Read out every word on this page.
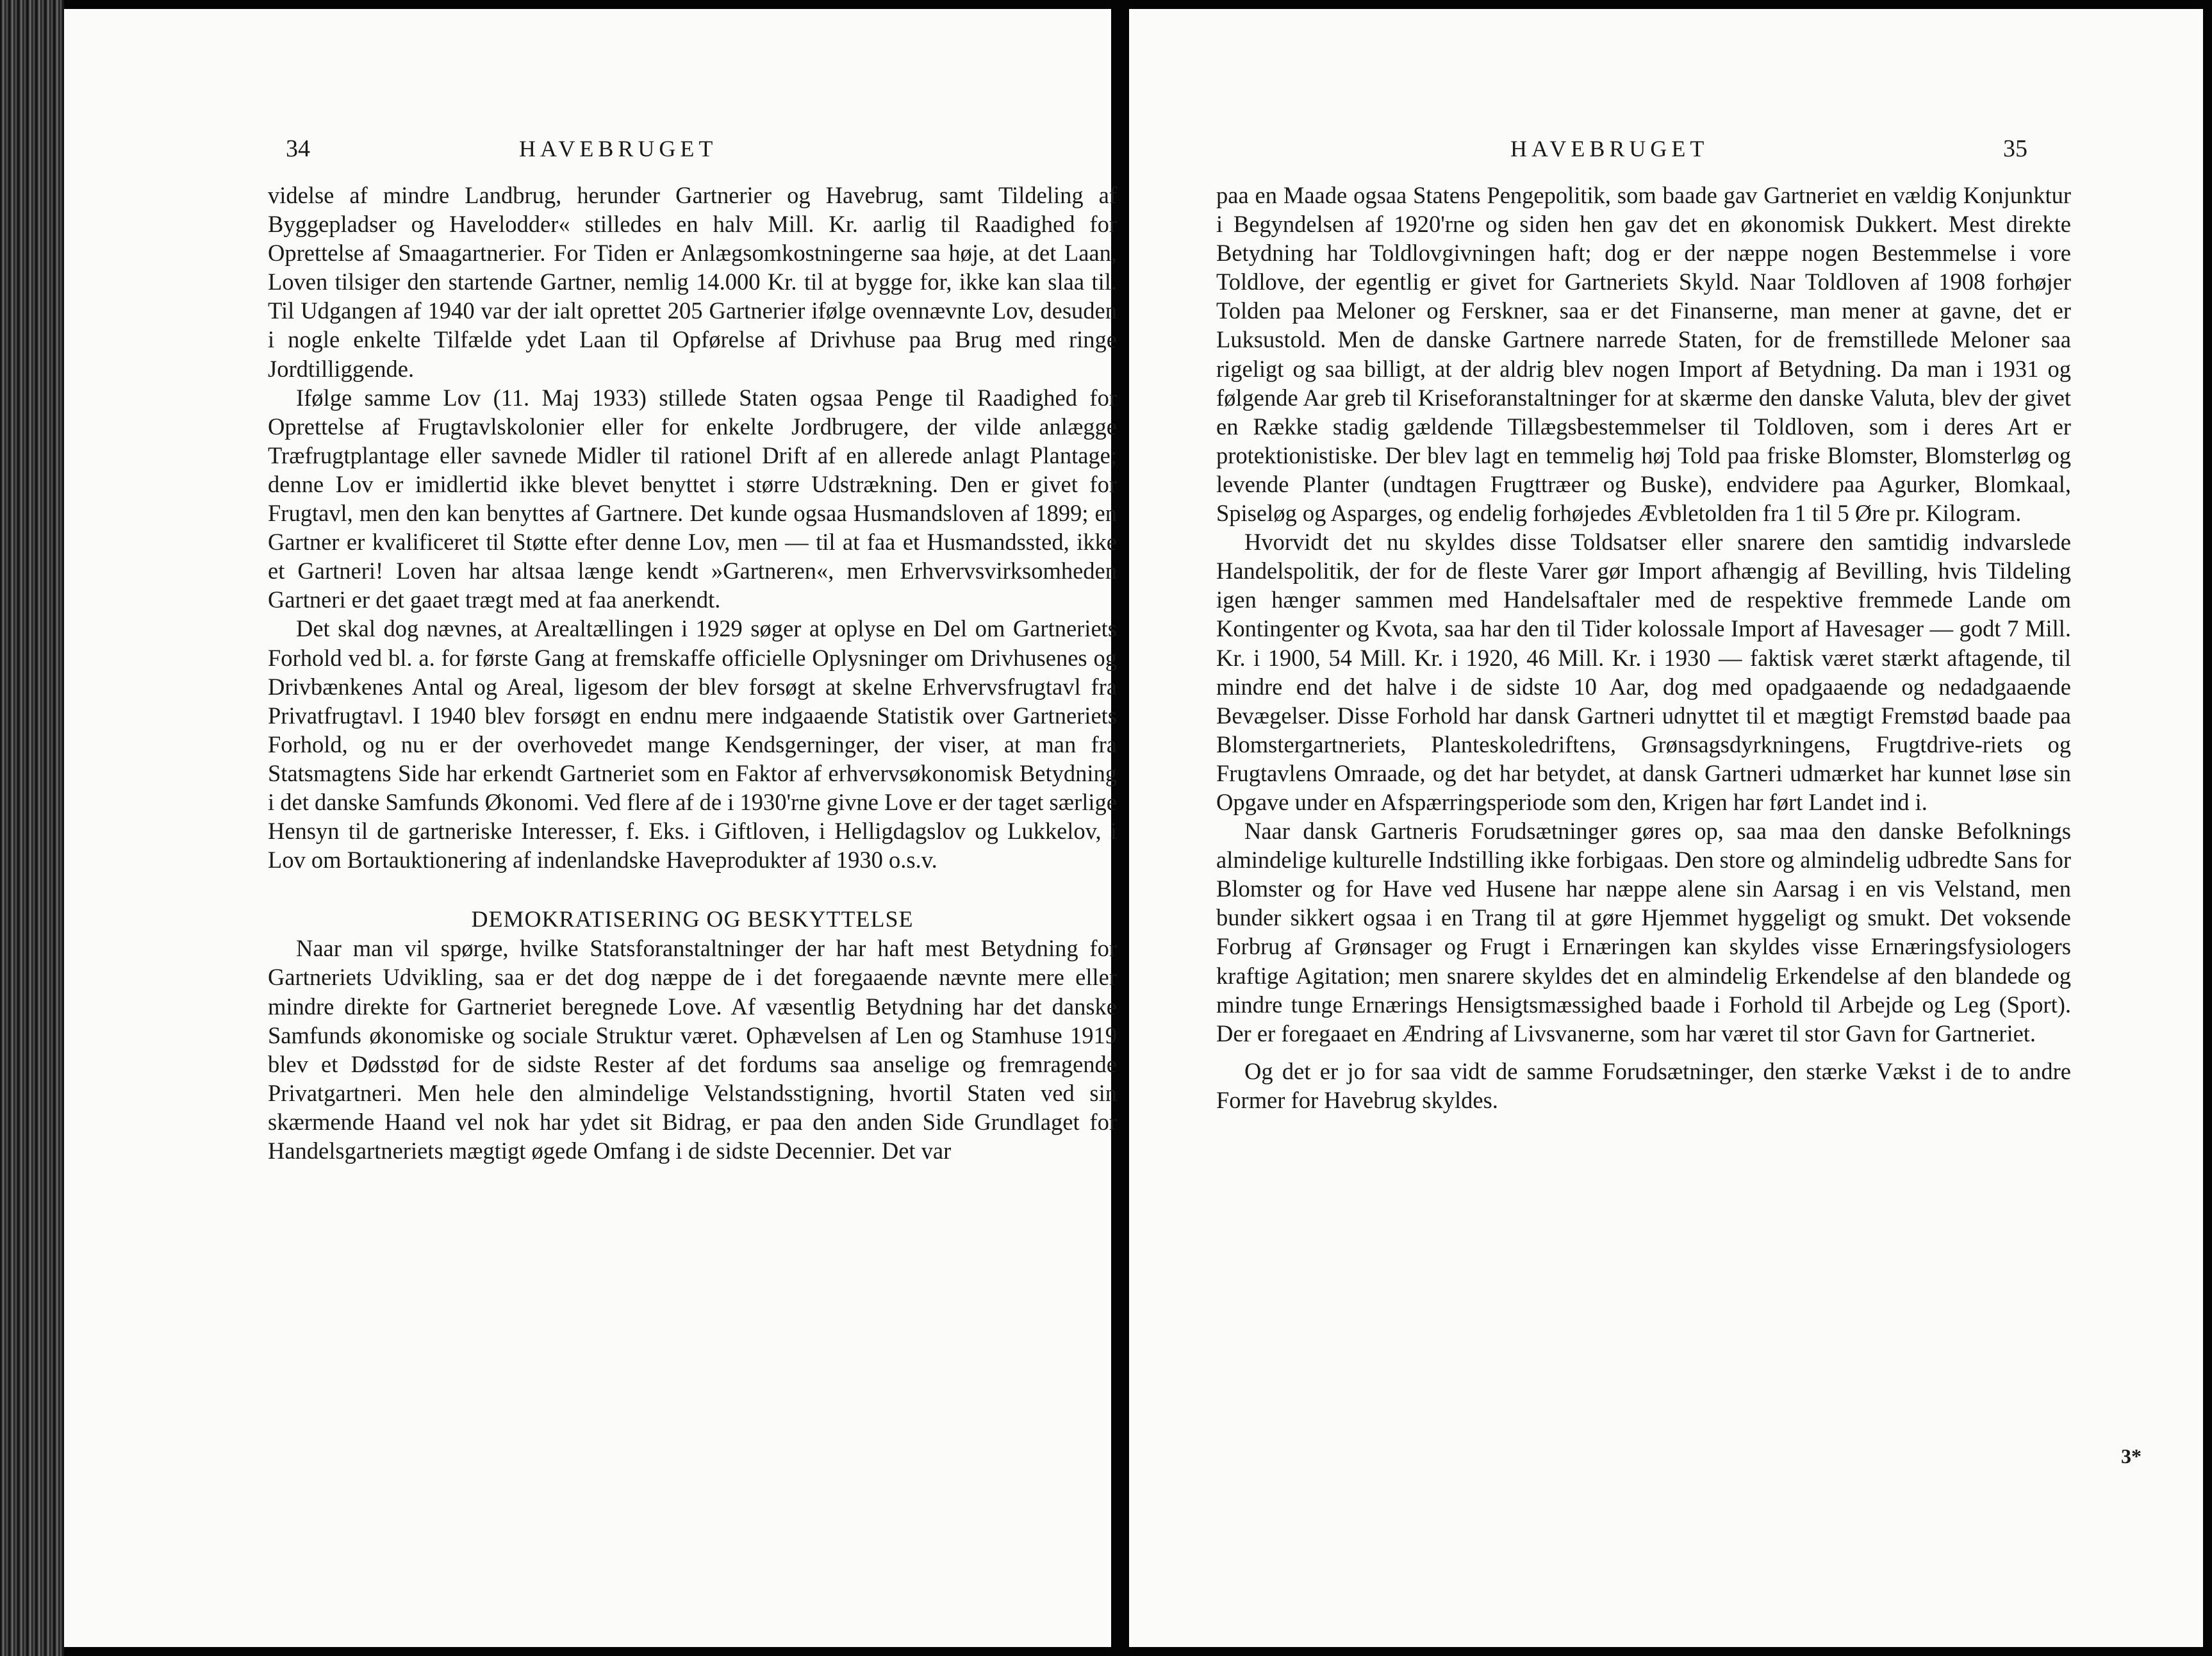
34	HAVEBRUGET

videlse af mindre Landbrug, herunder Gartnerier og Havebrug, samt Tildeling af Byggepladser og Havelodder« stilledes en halv Mill. Kr. aarlig til Raadighed for Oprettelse af Smaagartnerier. For Tiden er Anlægsomkostningerne saa høje, at det Laan, Loven tilsiger den startende Gartner, nemlig 14.000 Kr. til at bygge for, ikke kan slaa til. Til Udgangen af 1940 var der ialt oprettet 205 Gartnerier ifølge ovennævnte Lov, desuden i nogle enkelte Tilfælde ydet Laan til Opførelse af Drivhuse paa Brug med ringe Jordtilliggende.

Ifølge samme Lov (11. Maj 1933) stillede Staten ogsaa Penge til Raadighed for Oprettelse af Frugtavlskolonier eller for enkelte Jordbrugere, der vilde anlægge Træfrugtplantage eller savnede Midler til rationel Drift af en allerede anlagt Plantage; denne Lov er imidlertid ikke blevet benyttet i større Udstrækning. Den er givet for Frugtavl, men den kan benyttes af Gartnere. Det kunde ogsaa Husmandsloven af 1899; en Gartner er kvalificeret til Støtte efter denne Lov, men — til at faa et Husmandssted, ikke et Gartneri! Loven har altsaa længe kendt »Gartneren«, men Erhvervsvirksomheden Gartneri er det gaaet trægt med at faa anerkendt.

Det skal dog nævnes, at Arealtællingen i 1929 søger at oplyse en Del om Gartneriets Forhold ved bl. a. for første Gang at fremskaffe officielle Oplysninger om Drivhusenes og Drivbænkenes Antal og Areal, ligesom der blev forsøgt at skelne Erhvervsfrugtavl fra Privatfrugtavl. I 1940 blev forsøgt en endnu mere indgaaende Statistik over Gartneriets Forhold, og nu er der overhovedet mange Kendsgerninger, der viser, at man fra Statsmagtens Side har erkendt Gartneriet som en Faktor af erhvervsøkonomisk Betydning i det danske Samfunds Økonomi. Ved flere af de i 1930'rne givne Love er der taget særlige Hensyn til de gartneriske Interesser, f. Eks. i Giftloven, i Helligdagslov og Lukkelov, i Lov om Bortauktionering af indenlandske Haveprodukter af 1930 o.s.v.

DEMOKRATISERING OG BESKYTTELSE

Naar man vil spørge, hvilke Statsforanstaltninger der har haft mest Betydning for Gartneriets Udvikling, saa er det dog næppe de i det foregaaende nævnte mere eller mindre direkte for Gartneriet beregnede Love. Af væsentlig Betydning har det danske Samfunds økonomiske og sociale Struktur været. Ophævelsen af Len og Stamhuse 1919 blev et Dødsstød for de sidste Rester af det fordums saa anselige og fremragende Privatgartneri. Men hele den almindelige Velstandsstigning, hvortil Staten ved sin skærmende Haand vel nok har ydet sit Bidrag, er paa den anden Side Grundlaget for Handelsgartneriets mægtigt øgede Omfang i de sidste Decennier. Det var

HAVEBRUGET	35

paa en Maade ogsaa Statens Pengepolitik, som baade gav Gartneriet en vældig Konjunktur i Begyndelsen af 1920'rne og siden hen gav det en økonomisk Dukkert. Mest direkte Betydning har Toldlovgivningen haft; dog er der næppe nogen Bestemmelse i vore Toldlove, der egentlig er givet for Gartneriets Skyld. Naar Toldloven af 1908 forhøjer Tolden paa Meloner og Ferskner, saa er det Finanserne, man mener at gavne, det er Luksustold. Men de danske Gartnere narrede Staten, for de fremstillede Meloner saa rigeligt og saa billigt, at der aldrig blev nogen Import af Betydning. Da man i 1931 og følgende Aar greb til Kriseforanstaltninger for at skærme den danske Valuta, blev der givet en Række stadig gældende Tillægsbestemmelser til Toldloven, som i deres Art er protektionistiske. Der blev lagt en temmelig høj Told paa friske Blomster, Blomsterløg og levende Planter (undtagen Frugttræer og Buske), endvidere paa Agurker, Blomkaal, Spiseløg og Asparges, og endelig forhøjedes Ævbletolden fra 1 til 5 Øre pr. Kilogram.

Hvorvidt det nu skyldes disse Toldsatser eller snarere den samtidig indvarslede Handelspolitik, der for de fleste Varer gør Import afhængig af Bevilling, hvis Tildeling igen hænger sammen med Handelsaftaler med de respektive fremmede Lande om Kontingenter og Kvota, saa har den til Tider kolossale Import af Havesager — godt 7 Mill. Kr. i 1900, 54 Mill. Kr. i 1920, 46 Mill. Kr. i 1930 — faktisk været stærkt aftagende, til mindre end det halve i de sidste 10 Aar, dog med opadgaaende og nedadgaaende Bevægelser. Disse Forhold har dansk Gartneri udnyttet til et mægtigt Fremstød baade paa Blomstergartneriets, Planteskoledriftens, Grønsagsdyrkningens, Frugtdrive-riets og Frugtavlens Omraade, og det har betydet, at dansk Gartneri udmærket har kunnet løse sin Opgave under en Afspærringsperiode som den, Krigen har ført Landet ind i.

Naar dansk Gartneris Forudsætninger gøres op, saa maa den danske Befolknings almindelige kulturelle Indstilling ikke forbigaas. Den store og almindelig udbredte Sans for Blomster og for Have ved Husene har næppe alene sin Aarsag i en vis Velstand, men bunder sikkert ogsaa i en Trang til at gøre Hjemmet hyggeligt og smukt. Det voksende Forbrug af Grønsager og Frugt i Ernæringen kan skyldes visse Ernæringsfysiologers kraftige Agitation; men snarere skyldes det en almindelig Erkendelse af den blandede og mindre tunge Ernærings Hensigtsmæssighed baade i Forhold til Arbejde og Leg (Sport). Der er foregaaet en Ændring af Livsvanerne, som har været til stor Gavn for Gartneriet.

Og det er jo for saa vidt de samme Forudsætninger, den stærke Vækst i de to andre Former for Havebrug skyldes.

3*
